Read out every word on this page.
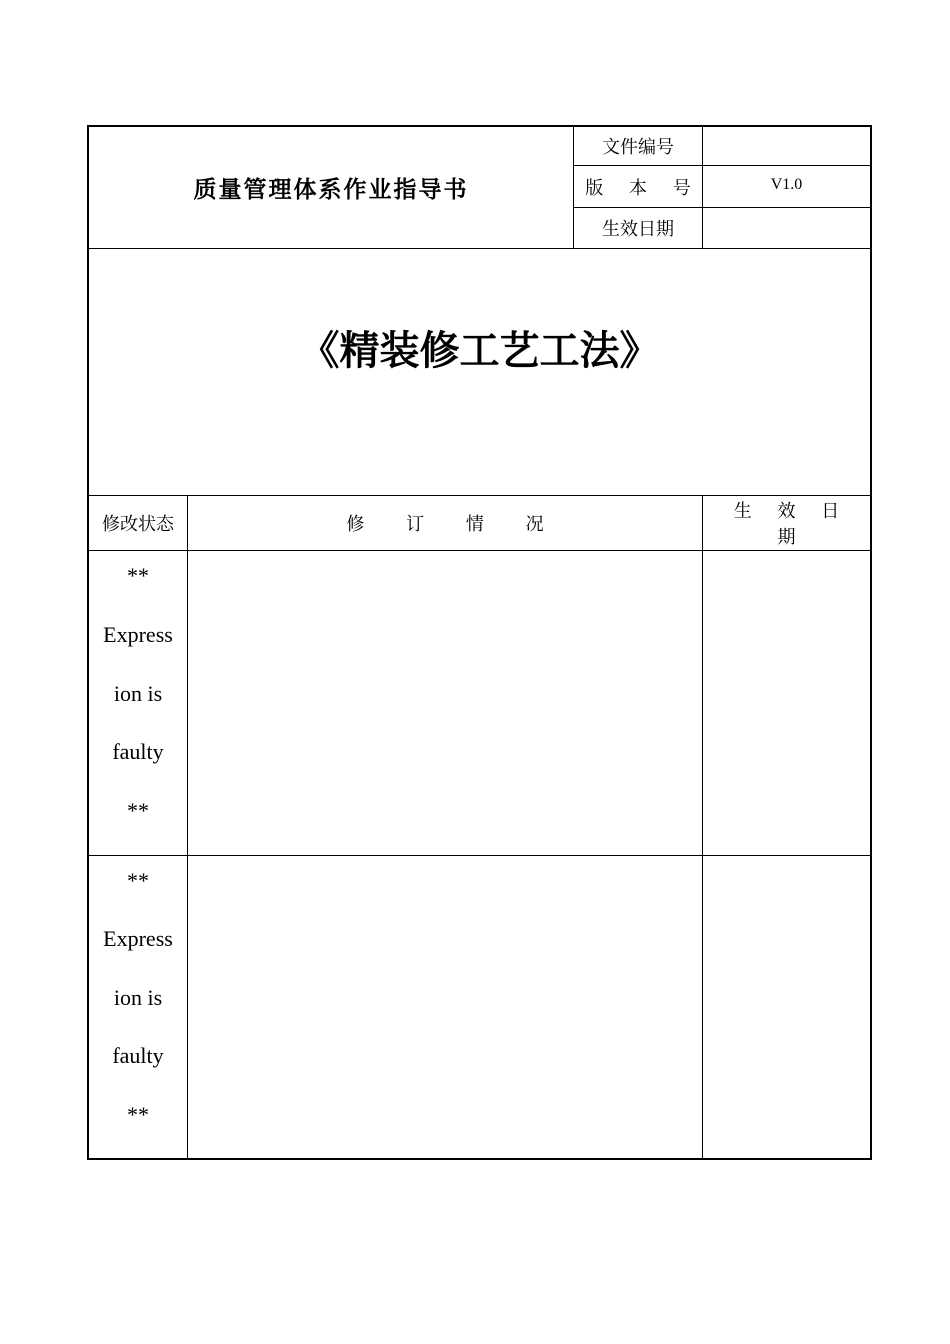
质量管理体系作业指导书
文件编号
版 本 号	V1.0
生效日期
《精装修工艺工法》
修改状态	修 订 情 况
生 效 日 期
**
Express
ion is
faulty
**
**
Express
ion is
faulty
**
